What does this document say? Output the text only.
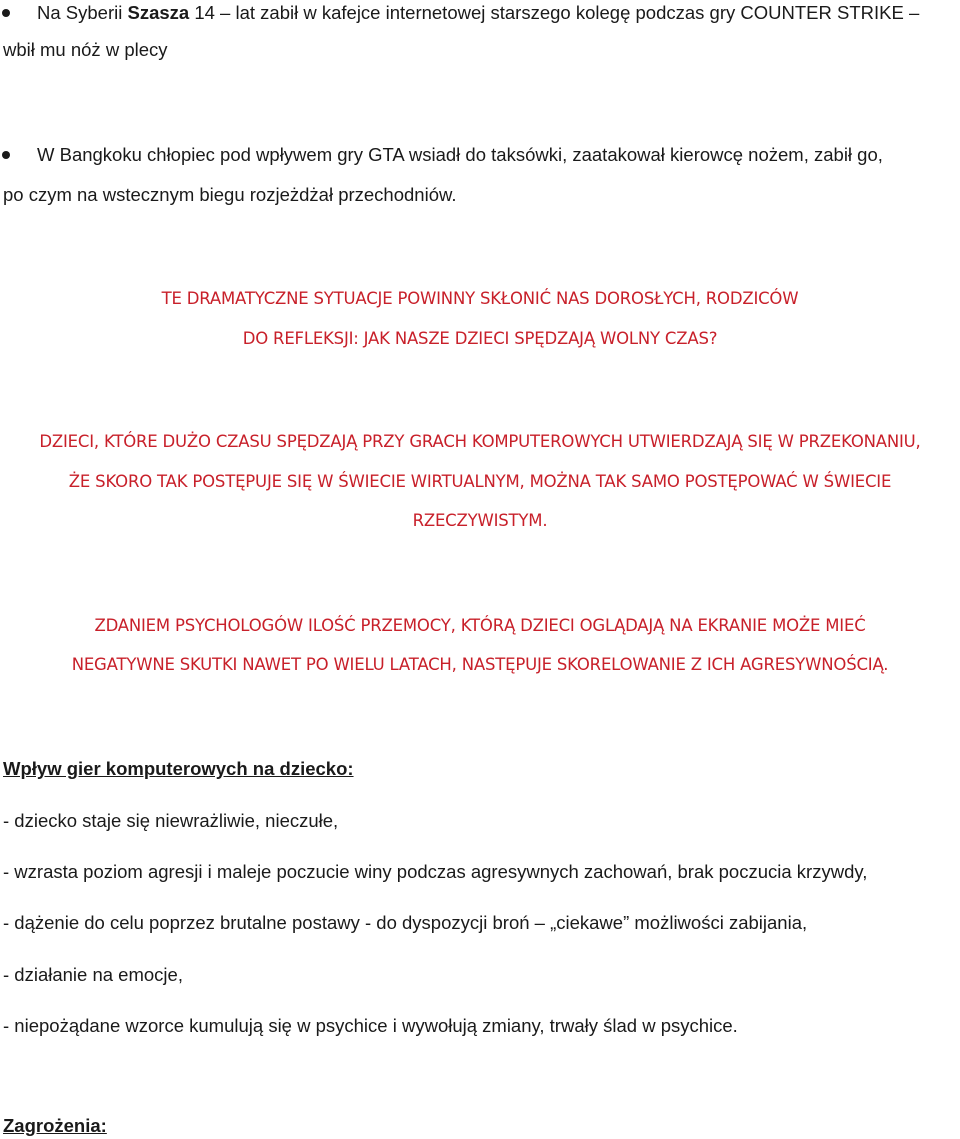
Na Syberii Szasza 14 – lat zabił w kafejce internetowej starszego kolegę podczas gry COUNTER STRIKE –
wbił mu nóż w plecy
W Bangkoku chłopiec pod wpływem gry GTA wsiadł do taksówki, zaatakował kierowcę nożem, zabił go,
po czym na wstecznym biegu rozjeżdżał przechodniów.
TE DRAMATYCZNE SYTUACJE POWINNY SKŁONIĆ NAS DOROSŁYCH, RODZICÓW
DO REFLEKSJI: JAK NASZE DZIECI SPĘDZAJĄ WOLNY CZAS?
DZIECI, KTÓRE DUŻO CZASU SPĘDZAJĄ PRZY GRACH KOMPUTEROWYCH UTWIERDZAJĄ SIĘ W PRZEKONANIU,
ŻE SKORO TAK POSTĘPUJE SIĘ W ŚWIECIE WIRTUALNYM, MOŻNA TAK SAMO POSTĘPOWAĆ W ŚWIECIE
RZECZYWISTYM.
ZDANIEM PSYCHOLOGÓW ILOŚĆ PRZEMOCY, KTÓRĄ DZIECI OGLĄDAJĄ NA EKRANIE MOŻE MIEĆ
NEGATYWNE SKUTKI NAWET PO WIELU LATACH, NASTĘPUJE SKORELOWANIE Z ICH AGRESYWNOŚCIĄ.
Wpływ gier komputerowych na dziecko:
- dziecko staje się niewrażliwie, nieczułe,
- wzrasta poziom agresji i maleje poczucie winy podczas agresywnych zachowań, brak poczucia krzywdy,
- dążenie do celu poprzez brutalne postawy - do dyspozycji broń – „ciekawe” możliwości zabijania,
- działanie na emocje,
- niepożądane wzorce kumulują się w psychice i wywołują zmiany, trwały ślad w psychice.
Zagrożenia:
